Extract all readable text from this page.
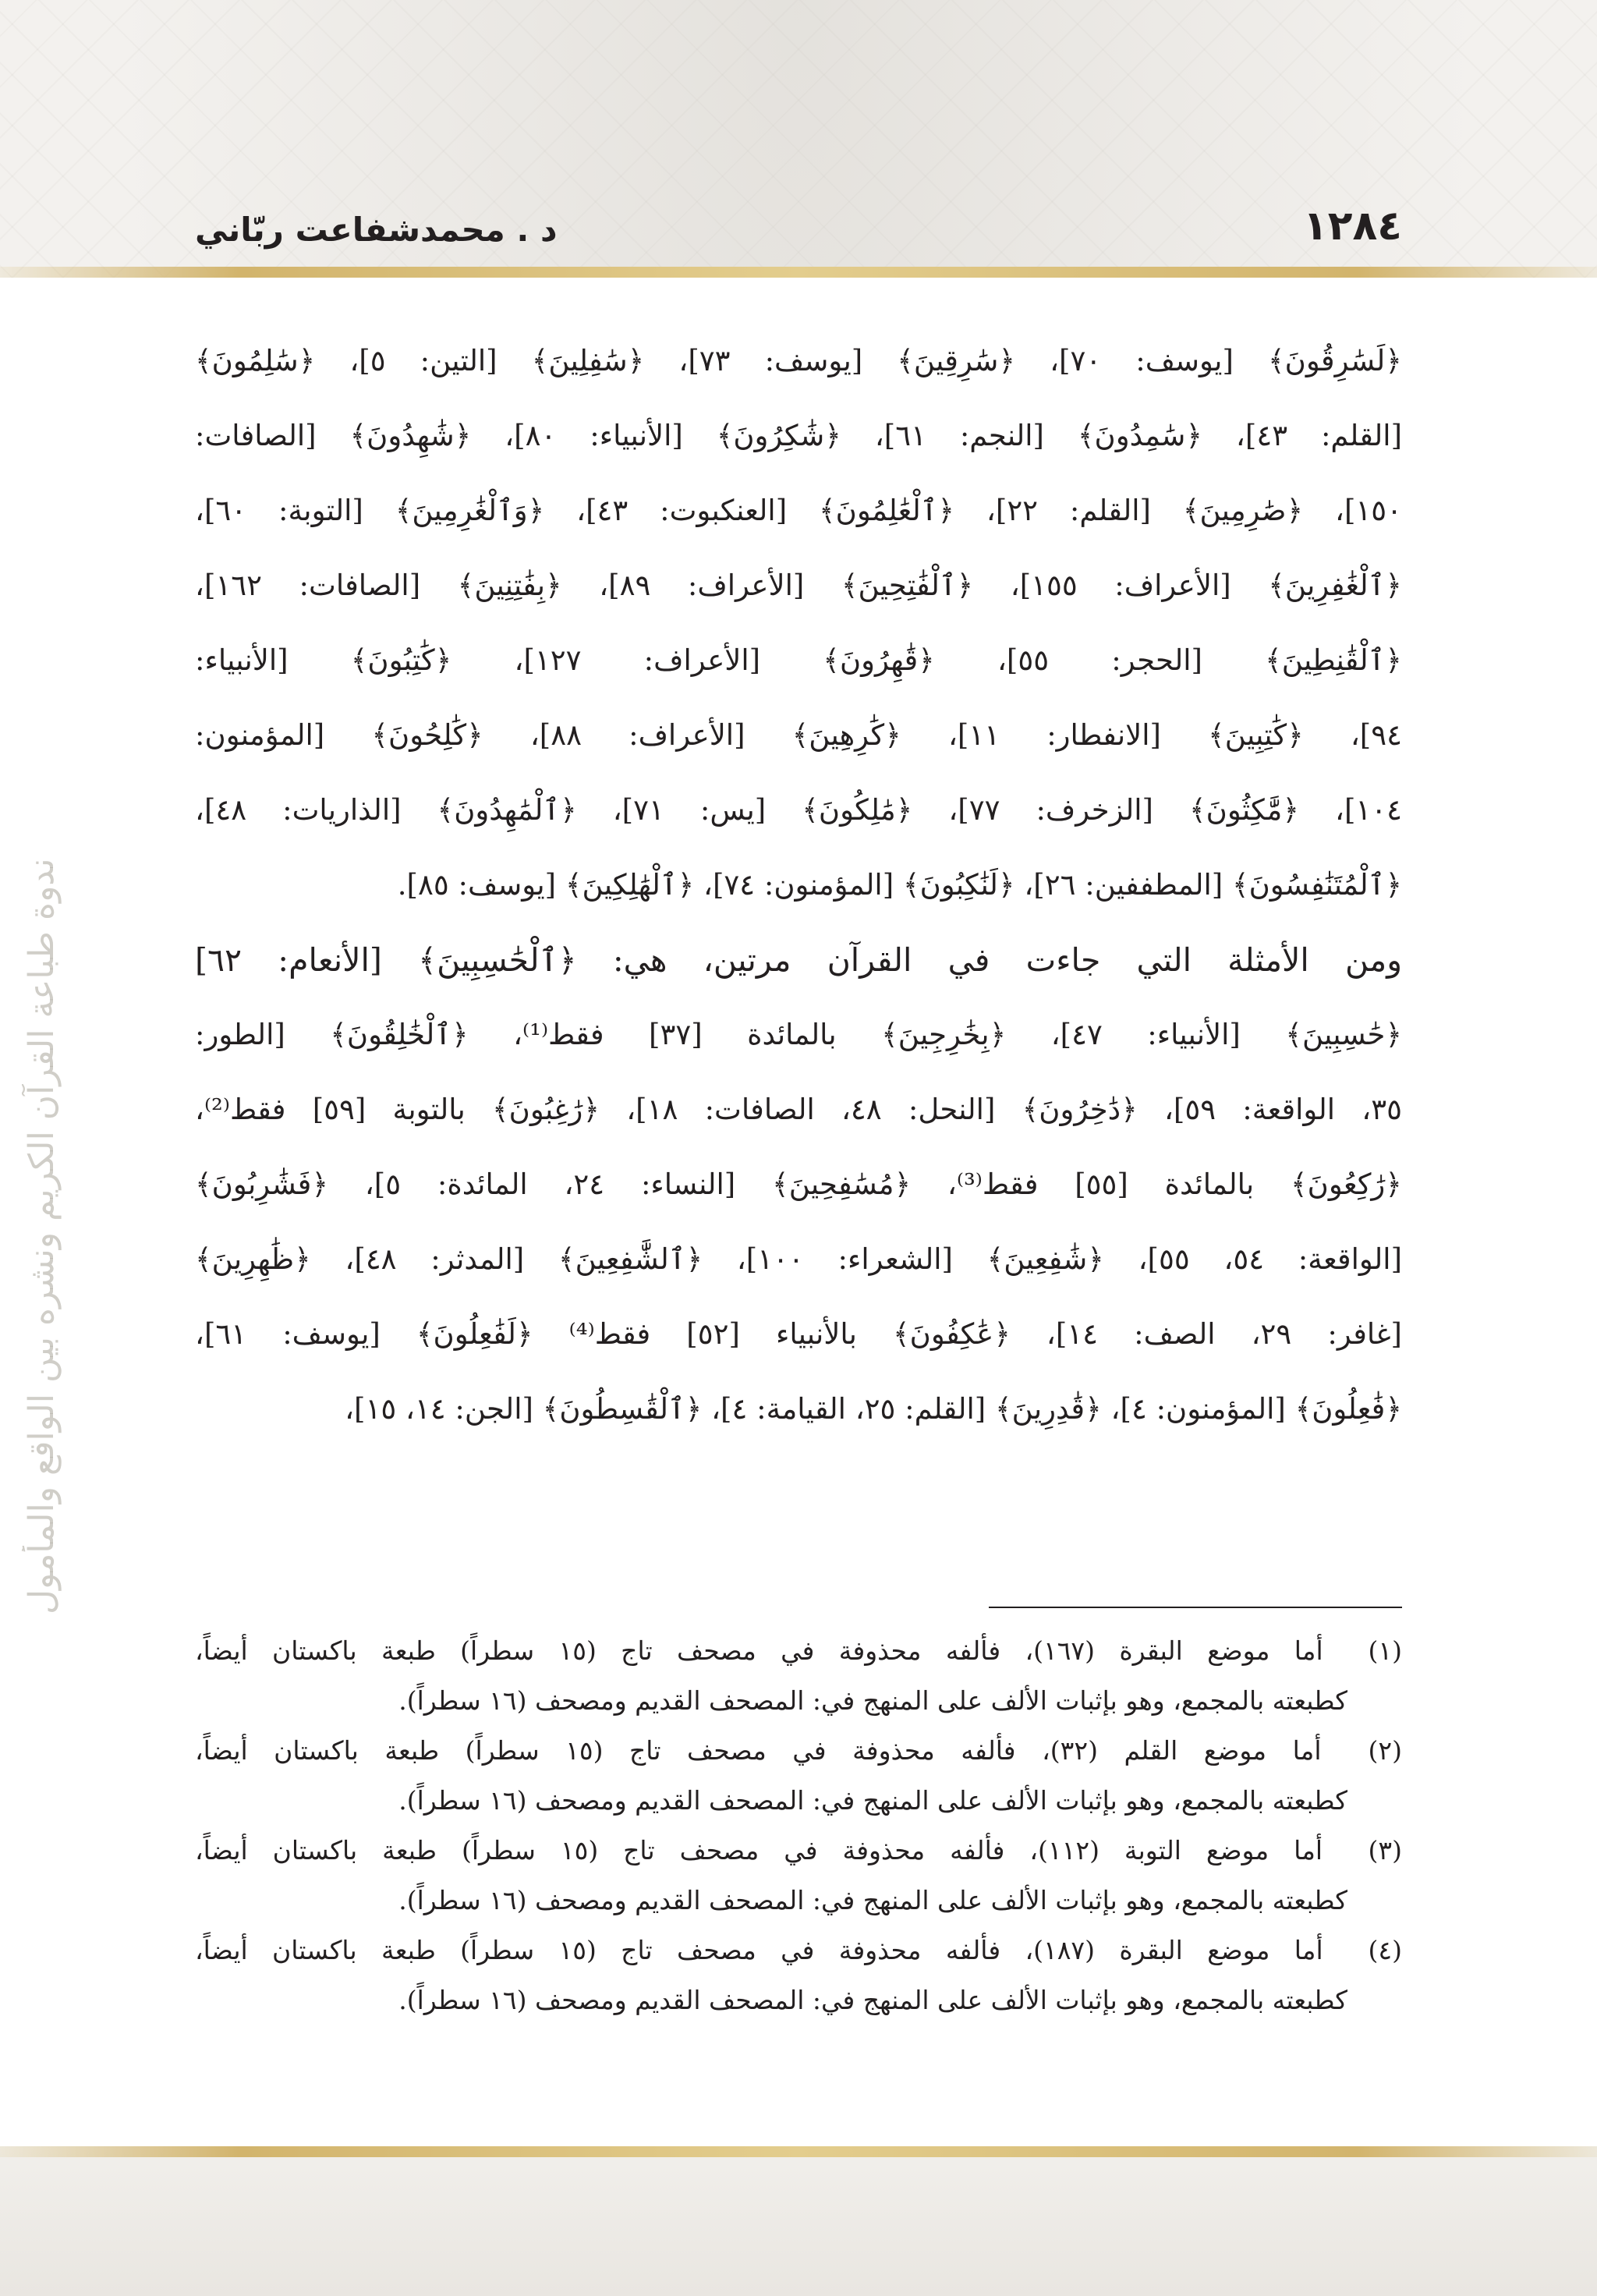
١٢٨٤
د . محمدشفاعت ربّاني
ندوة طباعة القرآن الكريم ونشره بين الواقع والمأمول
﴿لَسَٰرِقُونَ﴾ [يوسف: ٧٠]، ﴿سَٰرِقِينَ﴾ [يوسف: ٧٣]، ﴿سَٰفِلِينَ﴾ [التين: ٥]، ﴿سَٰلِمُونَ﴾
[القلم: ٤٣]، ﴿سَٰمِدُونَ﴾ [النجم: ٦١]، ﴿شَٰكِرُونَ﴾ [الأنبياء: ٨٠]، ﴿شَٰهِدُونَ﴾ [الصافات:
١٥٠]، ﴿صَٰرِمِينَ﴾ [القلم: ٢٢]، ﴿ٱلْعَٰلِمُونَ﴾ [العنكبوت: ٤٣]، ﴿وَٱلْغَٰرِمِينَ﴾ [التوبة: ٦٠]،
﴿ٱلْغَٰفِرِينَ﴾ [الأعراف: ١٥٥]، ﴿ٱلْفَٰتِحِينَ﴾ [الأعراف: ٨٩]، ﴿بِفَٰتِنِينَ﴾ [الصافات: ١٦٢]،
﴿ٱلْقَٰنِطِينَ﴾ [الحجر: ٥٥]، ﴿قَٰهِرُونَ﴾ [الأعراف: ١٢٧]، ﴿كَٰتِبُونَ﴾ [الأنبياء:
٩٤]، ﴿كَٰتِبِينَ﴾ [الانفطار: ١١]، ﴿كَٰرِهِينَ﴾ [الأعراف: ٨٨]، ﴿كَٰلِحُونَ﴾ [المؤمنون:
١٠٤]، ﴿مَّٰكِثُونَ﴾ [الزخرف: ٧٧]، ﴿مَٰلِكُونَ﴾ [يس: ٧١]، ﴿ٱلْمَٰهِدُونَ﴾ [الذاريات: ٤٨]،
﴿ٱلْمُتَنَٰفِسُونَ﴾ [المطففين: ٢٦]، ﴿لَنَٰكِبُونَ﴾ [المؤمنون: ٧٤]، ﴿ٱلْهَٰلِكِينَ﴾ [يوسف: ٨٥].
ومن الأمثلة التي جاءت في القرآن مرتين، هي: ﴿ٱلْحَٰسِبِينَ﴾ [الأنعام: ٦٢]
﴿حَٰسِبِينَ﴾ [الأنبياء: ٤٧]، ﴿بِخَٰرِجِينَ﴾ بالمائدة [٣٧] فقط⁽¹⁾، ﴿ٱلْخَٰلِقُونَ﴾ [الطور:
٣٥، الواقعة: ٥٩]، ﴿دَٰخِرُونَ﴾ [النحل: ٤٨، الصافات: ١٨]، ﴿رَٰغِبُونَ﴾ بالتوبة [٥٩] فقط⁽²⁾،
﴿رَٰكِعُونَ﴾ بالمائدة [٥٥] فقط⁽³⁾، ﴿مُسَٰفِحِينَ﴾ [النساء: ٢٤، المائدة: ٥]، ﴿فَشَٰرِبُونَ﴾
[الواقعة: ٥٤، ٥٥]، ﴿شَٰفِعِينَ﴾ [الشعراء: ١٠٠]، ﴿ٱلشَّٰفِعِينَ﴾ [المدثر: ٤٨]، ﴿ظَٰهِرِينَ﴾
[غافر: ٢٩، الصف: ١٤]، ﴿عَٰكِفُونَ﴾ بالأنبياء [٥٢] فقط⁽⁴⁾ ﴿لَفَٰعِلُونَ﴾ [يوسف: ٦١]،
﴿فَٰعِلُونَ﴾ [المؤمنون: ٤]، ﴿قَٰدِرِينَ﴾ [القلم: ٢٥، القيامة: ٤]، ﴿ٱلْقَٰسِطُونَ﴾ [الجن: ١٤، ١٥]،
(١) أما موضع البقرة (١٦٧)، فألفه محذوفة في مصحف تاج (١٥ سطراً) طبعة باكستان أيضاً،
كطبعته بالمجمع، وهو بإثبات الألف على المنهج في: المصحف القديم ومصحف (١٦ سطراً).
(٢) أما موضع القلم (٣٢)، فألفه محذوفة في مصحف تاج (١٥ سطراً) طبعة باكستان أيضاً،
كطبعته بالمجمع، وهو بإثبات الألف على المنهج في: المصحف القديم ومصحف (١٦ سطراً).
(٣) أما موضع التوبة (١١٢)، فألفه محذوفة في مصحف تاج (١٥ سطراً) طبعة باكستان أيضاً،
كطبعته بالمجمع، وهو بإثبات الألف على المنهج في: المصحف القديم ومصحف (١٦ سطراً).
(٤) أما موضع البقرة (١٨٧)، فألفه محذوفة في مصحف تاج (١٥ سطراً) طبعة باكستان أيضاً،
كطبعته بالمجمع، وهو بإثبات الألف على المنهج في: المصحف القديم ومصحف (١٦ سطراً).
